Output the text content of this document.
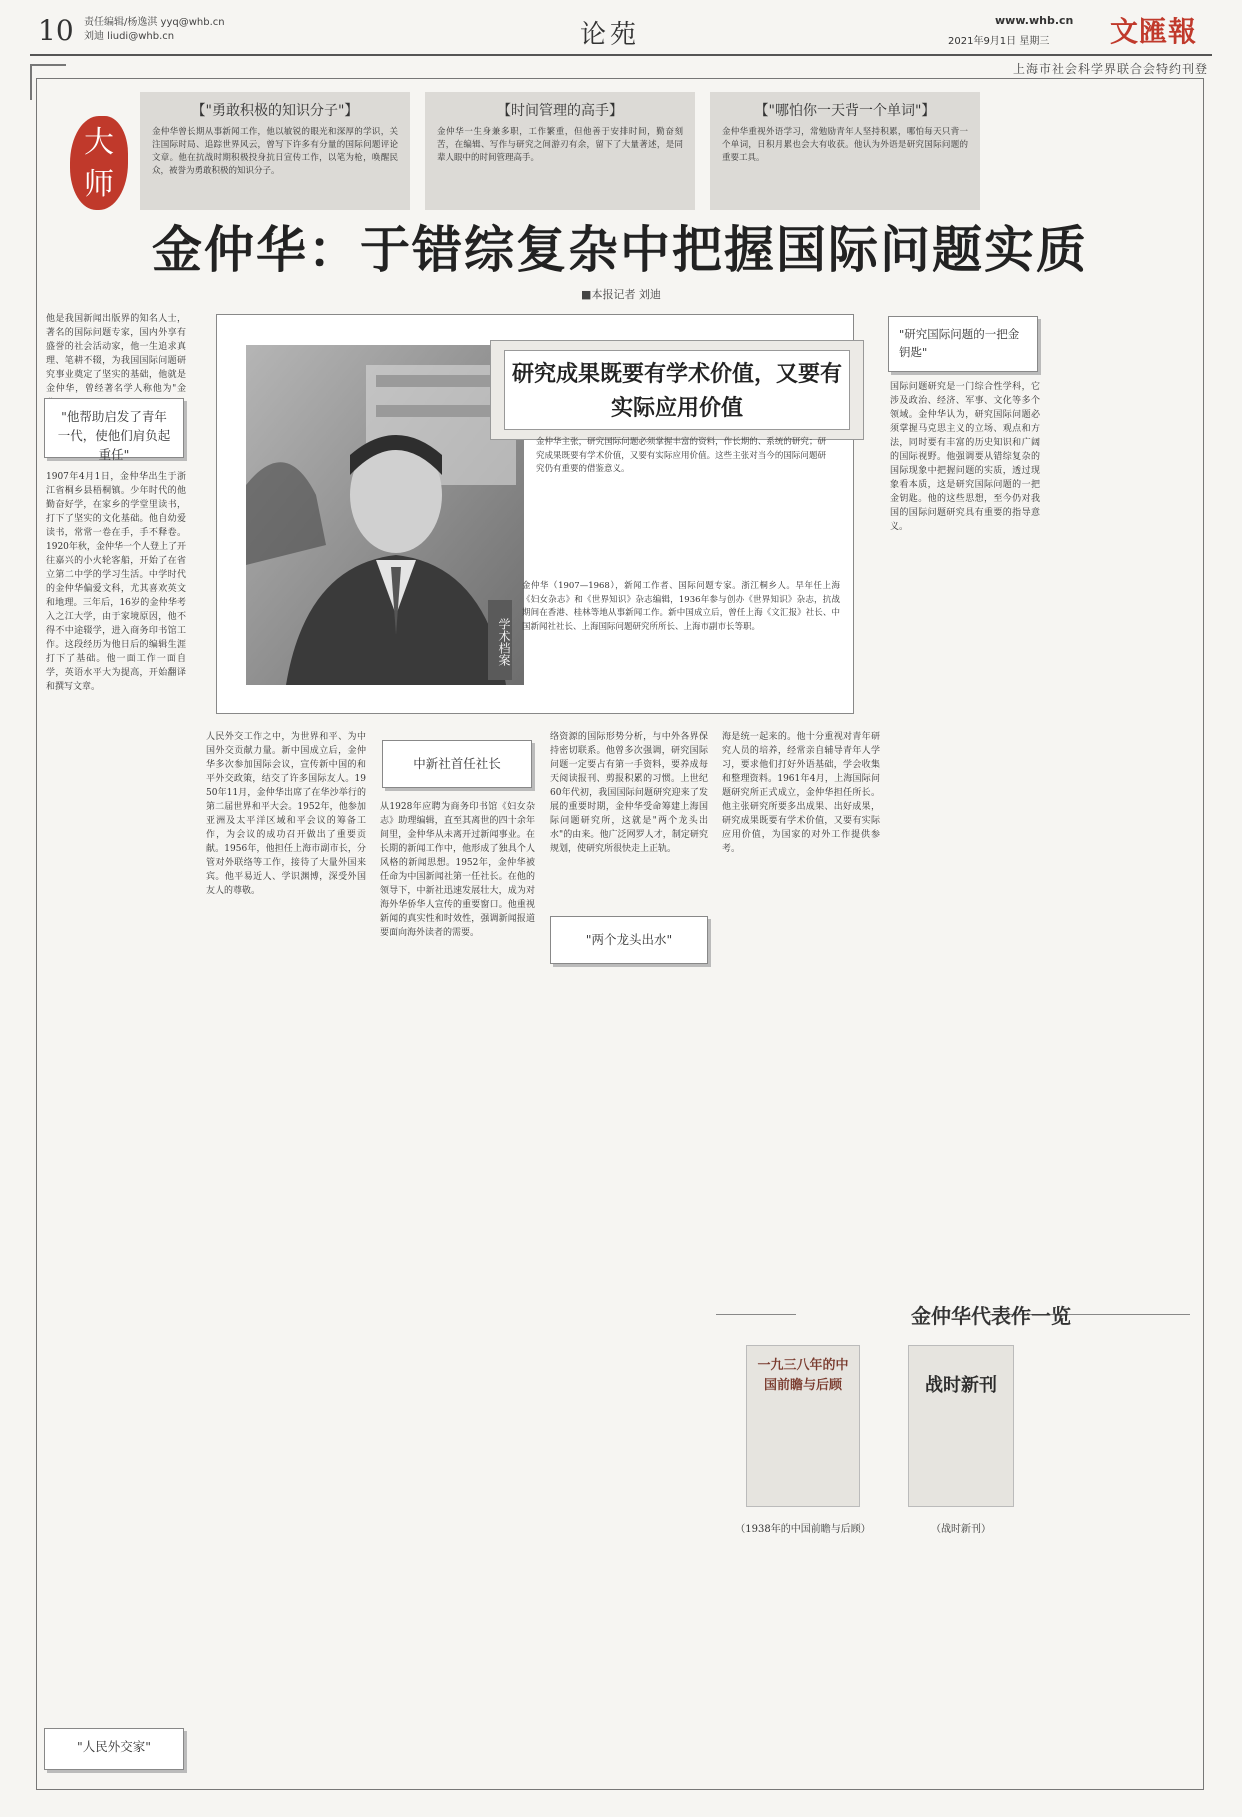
10 责任编辑/杨逸淇 yyq@whb.cn
刘迪 liudi@whb.cn	论苑	www.whb.cn
2021年9月1日 星期三 文匯報
上海市社会科学界联合会特约刊登
大师
【"勇敢积极的知识分子"】
金仲华曾长期从事新闻工作，他以敏锐的眼光和深厚的学识，关注国际时局、追踪世界风云，曾写下许多有分量的国际问题评论文章。他在抗战时期积极投身抗日宣传工作，以笔为枪，唤醒民众，被誉为勇敢积极的知识分子。
【时间管理的高手】
金仲华一生身兼多职，工作繁重，但他善于安排时间，勤奋刻苦，在编辑、写作与研究之间游刃有余，留下了大量著述，是同辈人眼中的时间管理高手。
【"哪怕你一天背一个单词"】
金仲华重视外语学习，常勉励青年人坚持积累，哪怕每天只背一个单词，日积月累也会大有收获。他认为外语是研究国际问题的重要工具。
金仲华：于错综复杂中把握国际问题实质
■本报记者 刘迪
他是我国新闻出版界的知名人士，著名的国际问题专家，国内外享有盛誉的社会活动家，他一生追求真理、笔耕不辍，为我国国际问题研究事业奠定了坚实的基础，他就是金仲华，曾经著名学人称他为"金
"他帮助启发了青年一代，使他们肩负起重任"
1907年4月1日，金仲华出生于浙江省桐乡县梧桐镇。少年时代的他勤奋好学，在家乡的学堂里读书，打下了坚实的文化基础。他自幼爱读书，常常一卷在手，手不释卷。1920年秋，金仲华一个人登上了开往嘉兴的小火轮客船，开始了在省立第二中学的学习生活。中学时代的金仲华偏爱文科，尤其喜欢英文和地理。三年后，16岁的金仲华考入之江大学，由于家境原因，他不得不中途辍学，进入商务印书馆工作。这段经历为他日后的编辑生涯打下了基础。他一面工作一面自学，英语水平大为提高，开始翻译和撰写文章。
"人民外交家"
研究成果既要有学术价值，又要有实际应用价值
金仲华主张，研究国际问题必须掌握丰富的资料，作长期的、系统的研究；研究成果既要有学术价值，又要有实际应用价值。这些主张对当今的国际问题研究仍有重要的借鉴意义。
学术档案
金仲华（1907—1968），新闻工作者、国际问题专家。浙江桐乡人。早年任上海《妇女杂志》和《世界知识》杂志编辑，1936年参与创办《世界知识》杂志，抗战期间在香港、桂林等地从事新闻工作。新中国成立后，曾任上海《文汇报》社长、中国新闻社社长、上海国际问题研究所所长、上海市副市长等职。
人民外交工作之中，为世界和平、为中国外交贡献力量。新中国成立后，金仲华多次参加国际会议，宣传新中国的和平外交政策，结交了许多国际友人。1950年11月，金仲华出席了在华沙举行的第二届世界和平大会。1952年，他参加亚洲及太平洋区域和平会议的筹备工作，为会议的成功召开做出了重要贡献。1956年，他担任上海市副市长，分管对外联络等工作，接待了大量外国来宾。他平易近人、学识渊博，深受外国友人的尊敬。
中新社首任社长
从1928年应聘为商务印书馆《妇女杂志》助理编辑，直至其离世的四十余年间里，金仲华从未离开过新闻事业。在长期的新闻工作中，他形成了独具个人风格的新闻思想。1952年，金仲华被任命为中国新闻社第一任社长。在他的领导下，中新社迅速发展壮大，成为对海外华侨华人宣传的重要窗口。他重视新闻的真实性和时效性，强调新闻报道要面向海外读者的需要。
络资源的国际形势分析，与中外各界保持密切联系。他曾多次强调，研究国际问题一定要占有第一手资料，要养成每天阅读报刊、剪报积累的习惯。上世纪60年代初，我国国际问题研究迎来了发展的重要时期，金仲华受命筹建上海国际问题研究所，这就是"两个龙头出水"的由来。他广泛网罗人才，制定研究规划，使研究所很快走上正轨。
"两个龙头出水"
海是统一起来的。他十分重视对青年研究人员的培养，经常亲自辅导青年人学习，要求他们打好外语基础，学会收集和整理资料。1961年4月，上海国际问题研究所正式成立，金仲华担任所长。他主张研究所要多出成果、出好成果，研究成果既要有学术价值，又要有实际应用价值，为国家的对外工作提供参考。
"研究国际问题的一把金钥匙"
国际问题研究是一门综合性学科，它涉及政治、经济、军事、文化等多个领域。金仲华认为，研究国际问题必须掌握马克思主义的立场、观点和方法，同时要有丰富的历史知识和广阔的国际视野。他强调要从错综复杂的国际现象中把握问题的实质，透过现象看本质，这是研究国际问题的一把金钥匙。他的这些思想，至今仍对我国的国际问题研究具有重要的指导意义。
金仲华代表作一览
一九三八年的中国前瞻与后顾
（1938年的中国前瞻与后顾）
战时新刊
（战时新刊）
